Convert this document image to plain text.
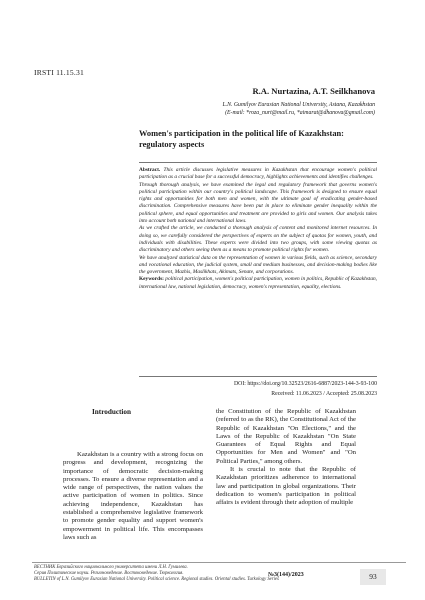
IRSTI 11.15.31
R.A. Nurtazina, A.T. Seilkhanova
L.N. Gumilyov Eurasian National University, Astana, Kazakhstan
(E-mail: *roza_nurt@mail.ru, *aimarat@dhanova@gmail.com)
Women's participation in the political life of Kazakhstan:
regulatory aspects

Abstract. This article discusses legislative measures in Kazakhstan that encourage women's political participation as a crucial base for a successful democracy, highlights achievements and identifies challenges.

Through thorough analysis, we have examined the legal and regulatory framework that governs women's political participation within our country's political landscape. This framework is designed to ensure equal rights and opportunities for both men and women, with the ultimate goal of eradicating gender-based discrimination. Comprehensive measures have been put in place to eliminate gender inequality within the political sphere, and equal opportunities and treatment are provided to girls and women. Our analysis takes into account both national and international laws.

As we crafted the article, we conducted a thorough analysis of content and monitored internet resources. In doing so, we carefully considered the perspectives of experts on the subject of quotas for women, youth, and individuals with disabilities. These experts were divided into two groups, with some viewing quotas as discriminatory and others seeing them as a means to promote political rights for women.

We have analyzed statistical data on the representation of women in various fields, such as science, secondary and vocational education, the judicial system, small and medium businesses, and decision-making bodies like the government, Mazhis, Maslikhats, Akimats, Senate, and corporations.

Keywords: political participation, women's political participation, women in politics, Republic of Kazakhstan, international law, national legislation, democracy, women's representation, equality, elections.

DOI: https://doi.org/10.32523/2616-6887/2023-144-3-93-100
Received: 11.06.2023 / Accepted: 25.08.2023
Introduction
Kazakhstan is a country with a strong focus on progress and development, recognizing the importance of democratic decision-making processes. To ensure a diverse representation and a wide range of perspectives, the nation values the active participation of women in politics. Since achieving independence, Kazakhstan has established a comprehensive legislative framework to promote gender equality and support women's empowerment in political life. This encompasses laws such as

the Constitution of the Republic of Kazakhstan (referred to as the RK), the Constitutional Act of the Republic of Kazakhstan "On Elections," and the Laws of the Republic of Kazakhstan "On State Guarantees of Equal Rights and Equal Opportunities for Men and Women" and "On Political Parties," among others.

It is crucial to note that the Republic of Kazakhstan prioritizes adherence to international law and participation in global organizations. Their dedication to women's participation in political affairs is evident through their adoption of multiple

ВЕСТНИК Евразийского национального университета имени Л.Н. Гумилева.
Серия Политические науки. Регионоведение. Востоковедение. Тюркология.
BULLETIN of L.N. Gumilyov Eurasian National University. Political science. Regional studies. Oriental studies. Turkology Series
№3(144)/2023	93
